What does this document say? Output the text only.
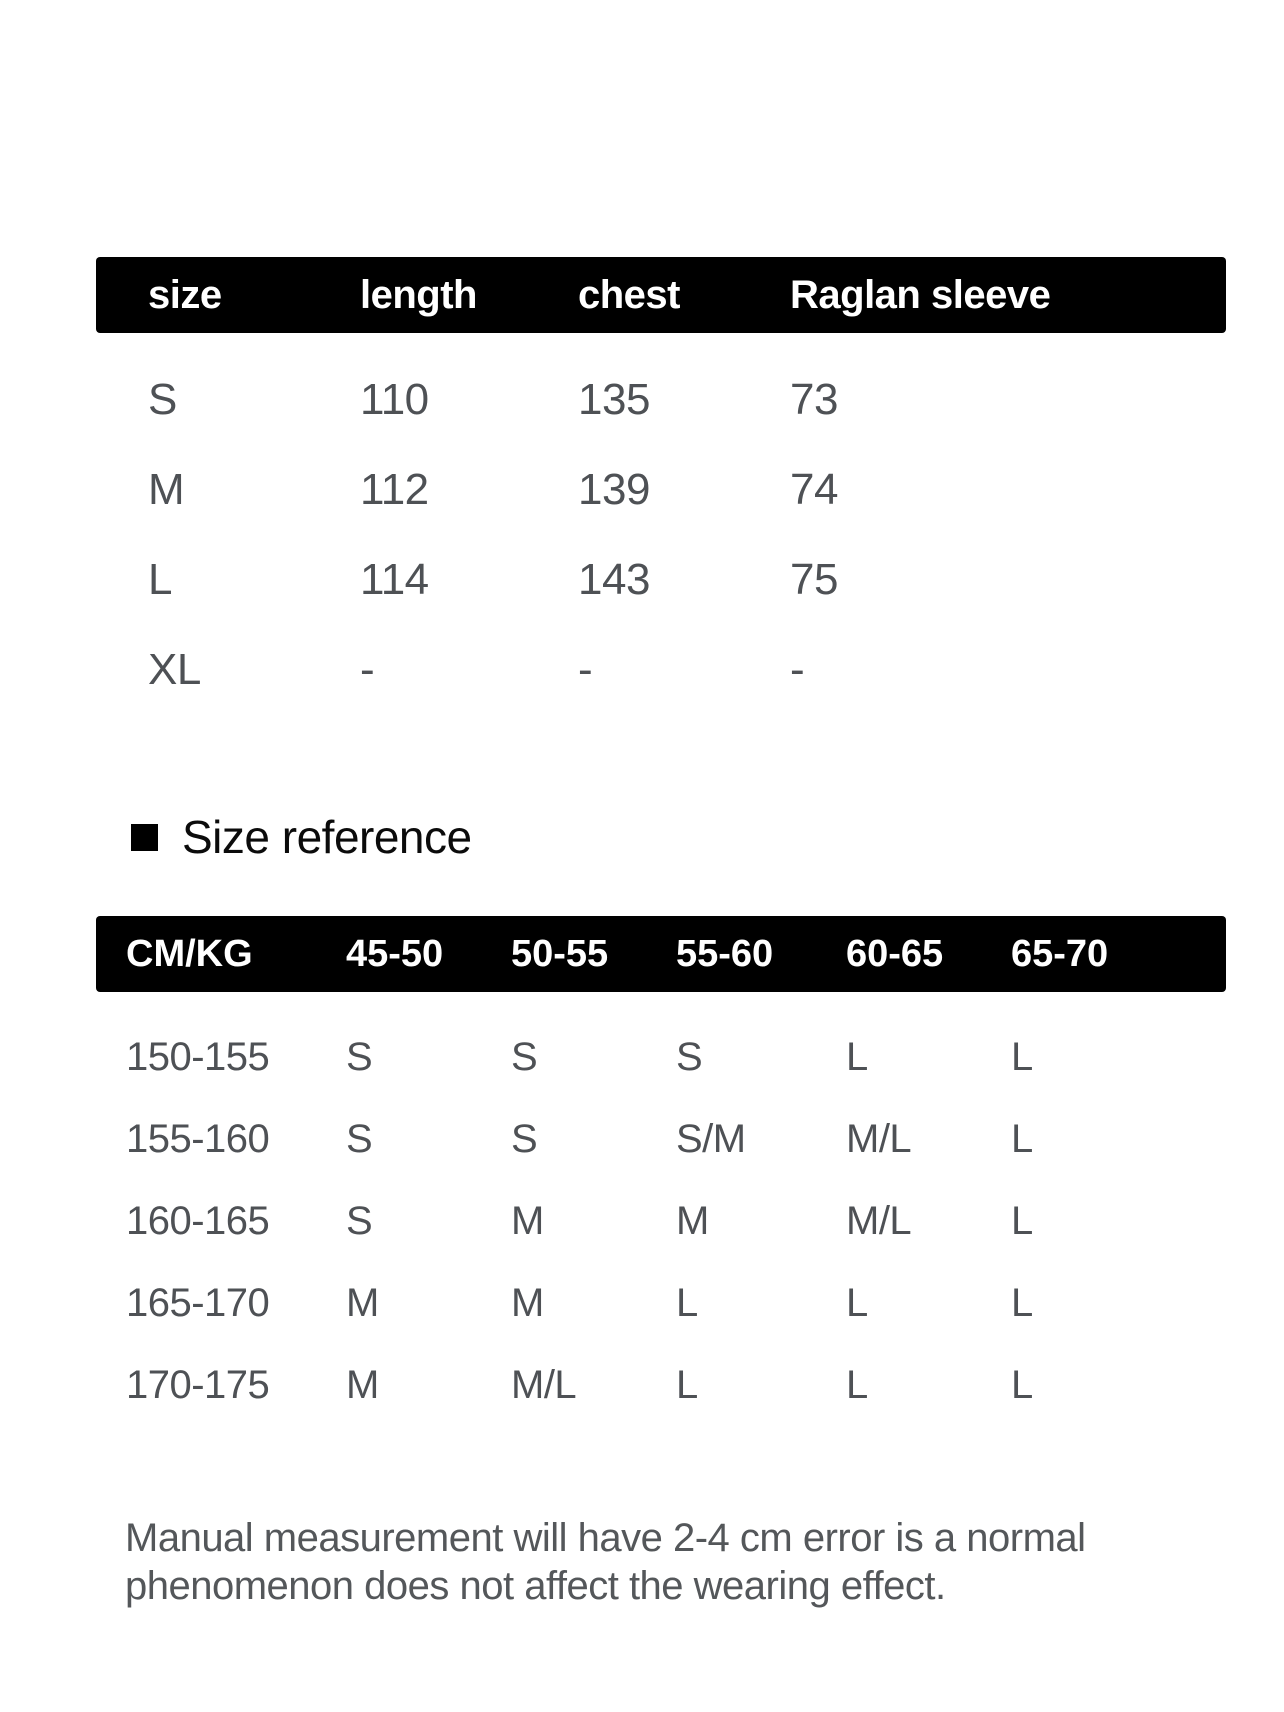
size	length	chest	Raglan sleeve
S	110	135	73
M	112	139	74
L	114	143	75
XL	-	-	-
Size reference
CM/KG	45-50	50-55	55-60	60-65	65-70
150-155	S	S	S	L	L
155-160	S	S	S/M	M/L	L
160-165	S	M	M	M/L	L
165-170	M	M	L	L	L
170-175	M	M/L	L	L	L
Manual measurement will have 2-4 cm error is a normal
phenomenon does not affect the wearing effect.
